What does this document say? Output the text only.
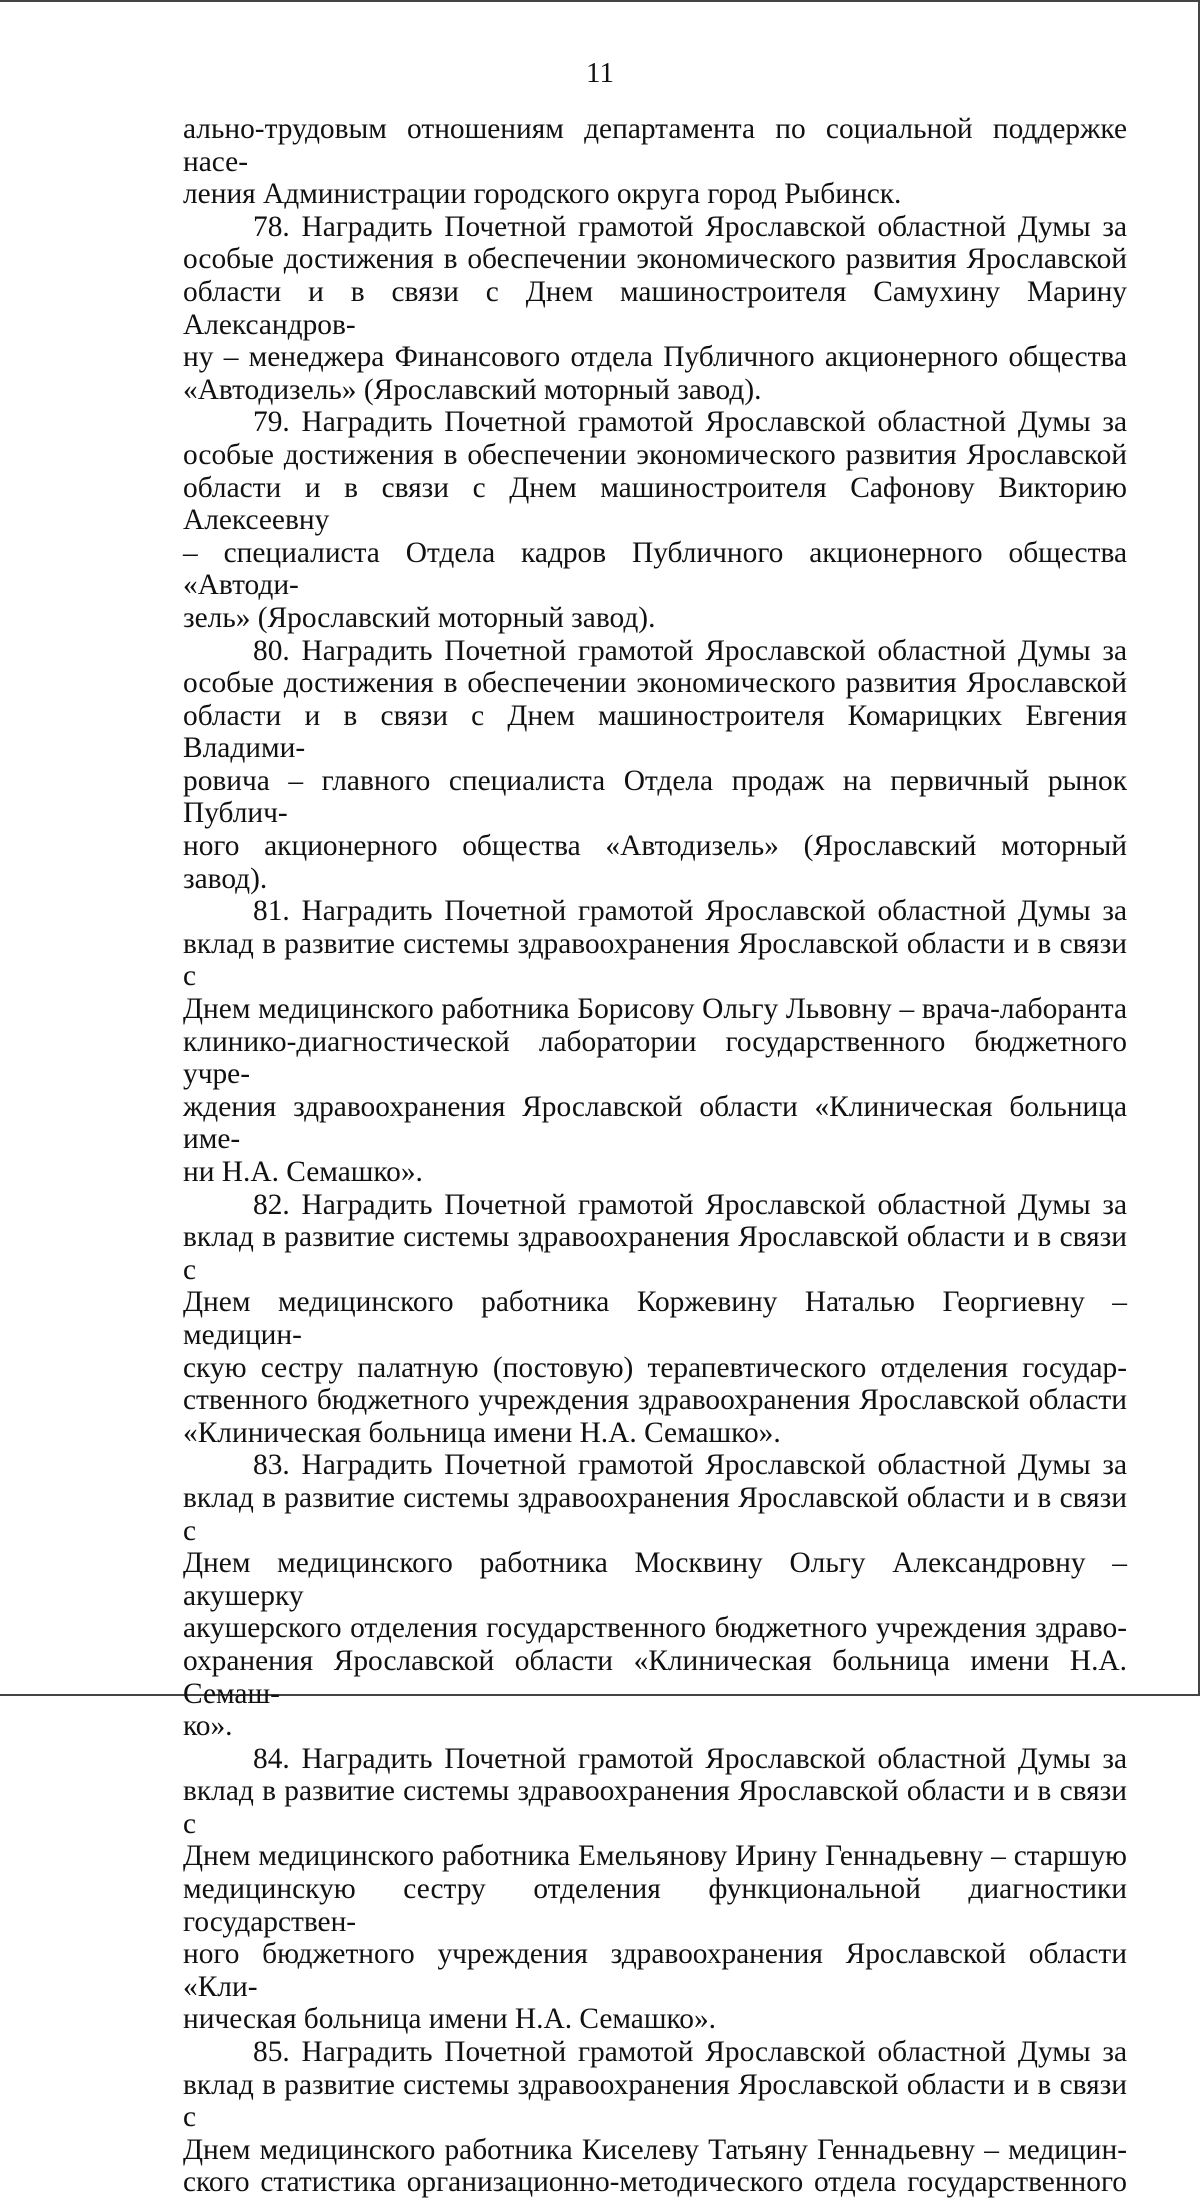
11
ально-трудовым отношениям департамента по социальной поддержке насе-
ления Администрации городского округа город Рыбинск.
78. Наградить Почетной грамотой Ярославской областной Думы за
особые достижения в обеспечении экономического развития Ярославской
области и в связи с Днем машиностроителя Самухину Марину Александров-
ну – менеджера Финансового отдела Публичного акционерного общества
«Автодизель» (Ярославский моторный завод).
79. Наградить Почетной грамотой Ярославской областной Думы за
особые достижения в обеспечении экономического развития Ярославской
области и в связи с Днем машиностроителя Сафонову Викторию Алексеевну
– специалиста Отдела кадров Публичного акционерного общества «Автоди-
зель» (Ярославский моторный завод).
80. Наградить Почетной грамотой Ярославской областной Думы за
особые достижения в обеспечении экономического развития Ярославской
области и в связи с Днем машиностроителя Комарицких Евгения Владими-
ровича – главного специалиста Отдела продаж на первичный рынок Публич-
ного акционерного общества «Автодизель» (Ярославский моторный завод).
81. Наградить Почетной грамотой Ярославской областной Думы за
вклад в развитие системы здравоохранения Ярославской области и в связи с
Днем медицинского работника Борисову Ольгу Львовну – врача-лаборанта
клинико-диагностической лаборатории государственного бюджетного учре-
ждения здравоохранения Ярославской области «Клиническая больница име-
ни Н.А. Семашко».
82. Наградить Почетной грамотой Ярославской областной Думы за
вклад в развитие системы здравоохранения Ярославской области и в связи с
Днем медицинского работника Коржевину Наталью Георгиевну – медицин-
скую сестру палатную (постовую) терапевтического отделения государ-
ственного бюджетного учреждения здравоохранения Ярославской области
«Клиническая больница имени Н.А. Семашко».
83. Наградить Почетной грамотой Ярославской областной Думы за
вклад в развитие системы здравоохранения Ярославской области и в связи с
Днем медицинского работника Москвину Ольгу Александровну – акушерку
акушерского отделения государственного бюджетного учреждения здраво-
охранения Ярославской области «Клиническая больница имени Н.А. Семаш-
ко».
84. Наградить Почетной грамотой Ярославской областной Думы за
вклад в развитие системы здравоохранения Ярославской области и в связи с
Днем медицинского работника Емельянову Ирину Геннадьевну – старшую
медицинскую сестру отделения функциональной диагностики государствен-
ного бюджетного учреждения здравоохранения Ярославской области «Кли-
ническая больница имени Н.А. Семашко».
85. Наградить Почетной грамотой Ярославской областной Думы за
вклад в развитие системы здравоохранения Ярославской области и в связи с
Днем медицинского работника Киселеву Татьяну Геннадьевну – медицин-
ского статистика организационно-методического отдела государственного
